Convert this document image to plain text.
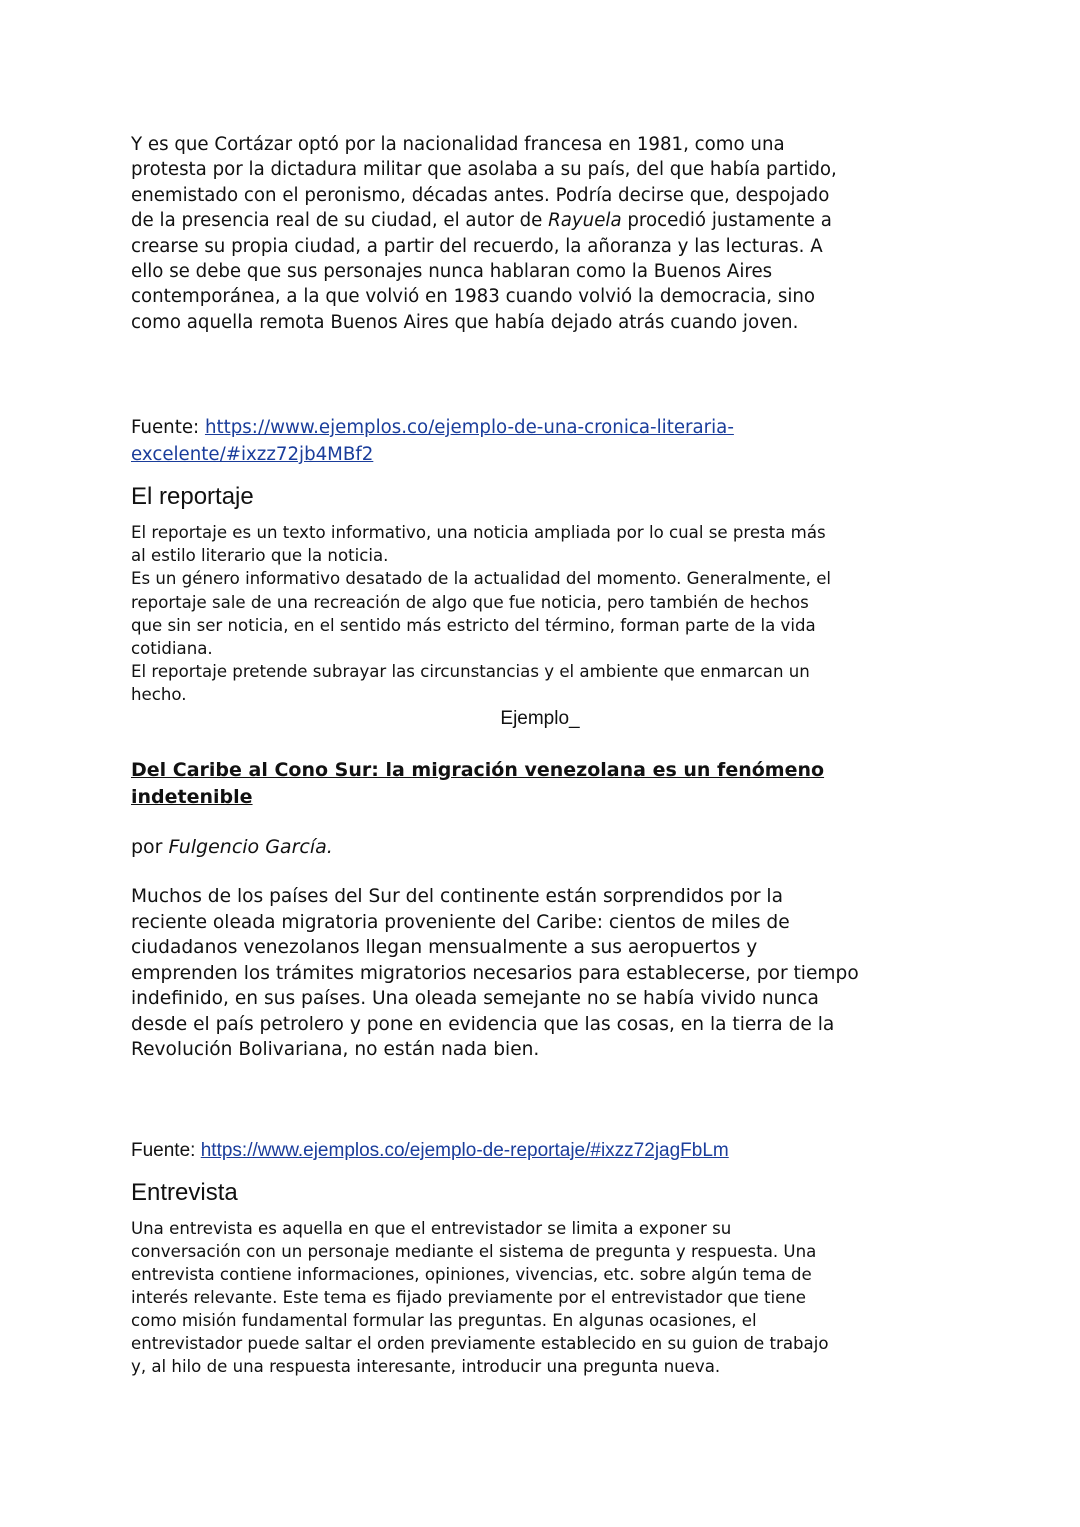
Y es que Cortázar optó por la nacionalidad francesa en 1981, como una
protesta por la dictadura militar que asolaba a su país, del que había partido,
enemistado con el peronismo, décadas antes. Podría decirse que, despojado
de la presencia real de su ciudad, el autor de Rayuela procedió justamente a
crearse su propia ciudad, a partir del recuerdo, la añoranza y las lecturas. A
ello se debe que sus personajes nunca hablaran como la Buenos Aires
contemporánea, a la que volvió en 1983 cuando volvió la democracia, sino
como aquella remota Buenos Aires que había dejado atrás cuando joven.
Fuente: https://www.ejemplos.co/ejemplo-de-una-cronica-literaria-
excelente/#ixzz72jb4MBf2
El reportaje
El reportaje es un texto informativo, una noticia ampliada por lo cual se presta más
al estilo literario que la noticia.
Es un género informativo desatado de la actualidad del momento. Generalmente, el
reportaje sale de una recreación de algo que fue noticia, pero también de hechos
que sin ser noticia, en el sentido más estricto del término, forman parte de la vida
cotidiana.
El reportaje pretende subrayar las circunstancias y el ambiente que enmarcan un
hecho.
Ejemplo_
Del Caribe al Cono Sur: la migración venezolana es un fenómeno
indetenible
por Fulgencio García.
Muchos de los países del Sur del continente están sorprendidos por la
reciente oleada migratoria proveniente del Caribe: cientos de miles de
ciudadanos venezolanos llegan mensualmente a sus aeropuertos y
emprenden los trámites migratorios necesarios para establecerse, por tiempo
indefinido, en sus países. Una oleada semejante no se había vivido nunca
desde el país petrolero y pone en evidencia que las cosas, en la tierra de la
Revolución Bolivariana, no están nada bien.
Fuente: https://www.ejemplos.co/ejemplo-de-reportaje/#ixzz72jagFbLm
Entrevista
Una entrevista es aquella en que el entrevistador se limita a exponer su
conversación con un personaje mediante el sistema de pregunta y respuesta. Una
entrevista contiene informaciones, opiniones, vivencias, etc. sobre algún tema de
interés relevante. Este tema es fijado previamente por el entrevistador que tiene
como misión fundamental formular las preguntas. En algunas ocasiones, el
entrevistador puede saltar el orden previamente establecido en su guion de trabajo
y, al hilo de una respuesta interesante, introducir una pregunta nueva.
